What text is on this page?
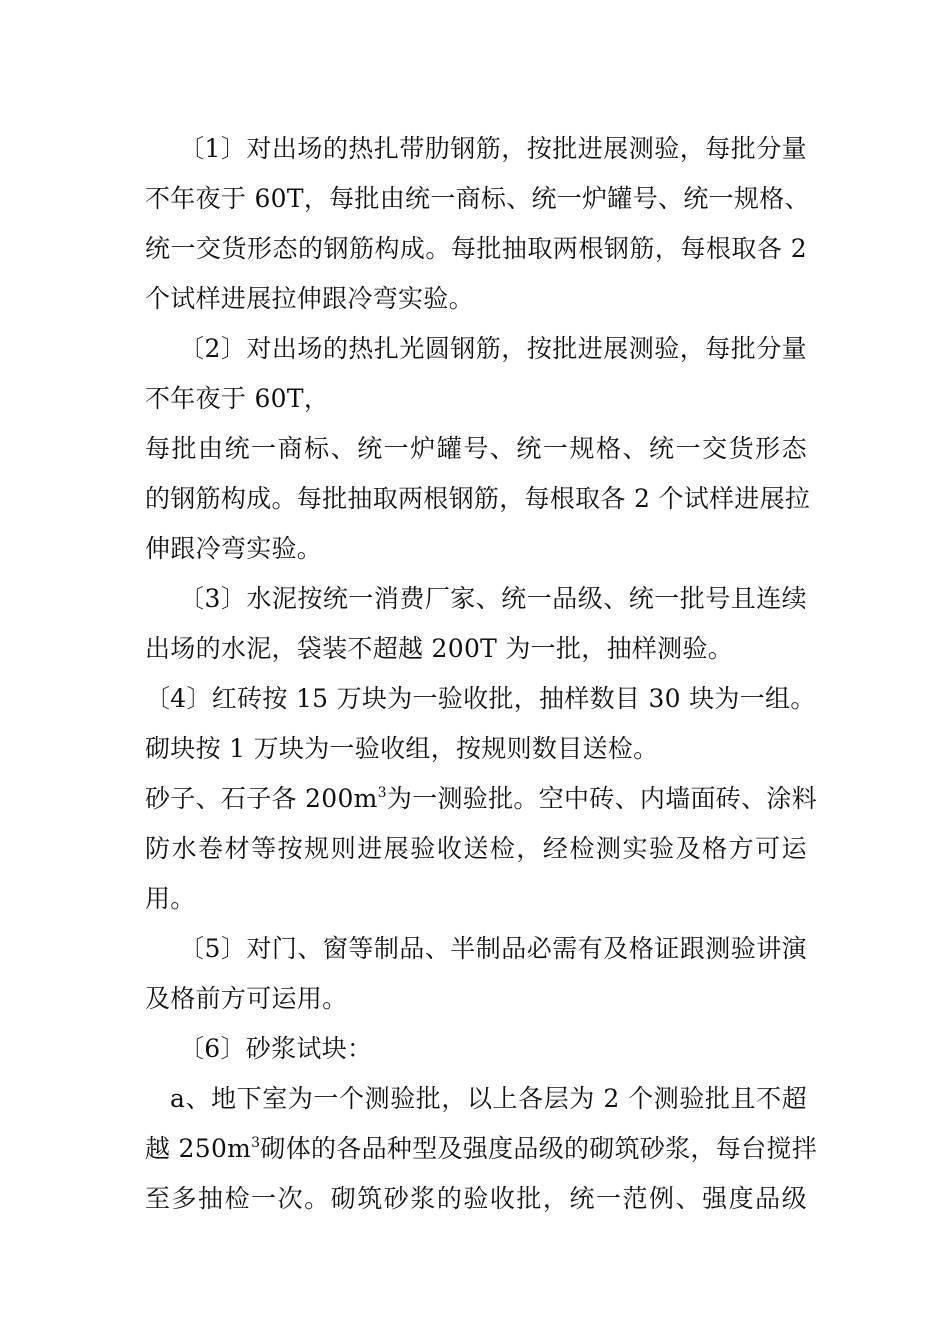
〔1〕对出场的热扎带肋钢筋，按批进展测验，每批分量
不年夜于 60T，每批由统一商标、统一炉罐号、统一规格、
统一交货形态的钢筋构成。每批抽取两根钢筋，每根取各 2
个试样进展拉伸跟冷弯实验。
〔2〕对出场的热扎光圆钢筋，按批进展测验，每批分量
不年夜于 60T，
每批由统一商标、统一炉罐号、统一规格、统一交货形态
的钢筋构成。每批抽取两根钢筋，每根取各 2 个试样进展拉
伸跟冷弯实验。
〔3〕水泥按统一消费厂家、统一品级、统一批号且连续
出场的水泥，袋装不超越 200T 为一批，抽样测验。
〔4〕红砖按 15 万块为一验收批，抽样数目 30 块为一组。
砌块按 1 万块为一验收组，按规则数目送检。
砂子、石子各 $200m^3$为一测验批。空中砖、内墙面砖、涂料
防水卷材等按规则进展验收送检，经检测实验及格方可运
用。
〔5〕对门、窗等制品、半制品必需有及格证跟测验讲演
及格前方可运用。
〔6〕砂浆试块：
a、地下室为一个测验批，以上各层为 2 个测验批且不超
越 $250m^3$砌体的各品种型及强度品级的砌筑砂浆，每台搅拌
至多抽检一次。砌筑砂浆的验收批，统一范例、强度品级
